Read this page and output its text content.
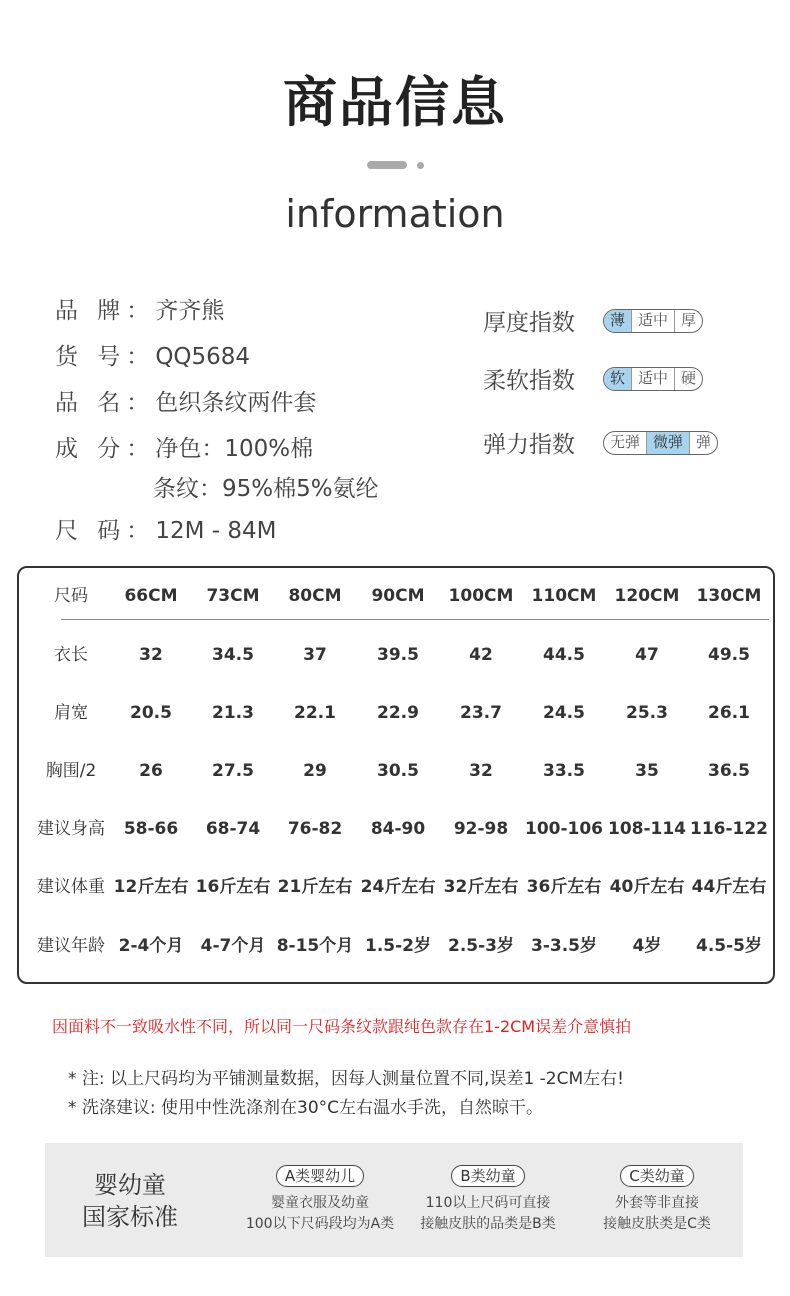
商品信息
information
品 牌：齐齐熊
货 号：QQ5684
品 名：色织条纹两件套
成 分：净色：100%棉
条纹：95%棉5%氨纶
尺 码：12M - 84M
厚度指数	薄 适中 厚
柔软指数	软 适中 硬
弹力指数	无弹 微弹 弹
尺码	66CM	73CM	80CM	90CM	100CM	110CM	120CM	130CM
衣长	32	34.5	37	39.5	42	44.5	47	49.5
肩宽	20.5	21.3	22.1	22.9	23.7	24.5	25.3	26.1
胸围/2	26	27.5	29	30.5	32	33.5	35	36.5
建议身高	58-66	68-74	76-82	84-90	92-98 100-106 108-114 116-122
建议体重 12斤左右 16斤左右 21斤左右 24斤左右 32斤左右 36斤左右 40斤左右 44斤左右
建议年龄 2-4个月	4-7个月 8-15个月 1.5-2岁	2.5-3岁	3-3.5岁	4岁	4.5-5岁
因面料不一致吸水性不同，所以同一尺码条纹款跟纯色款存在1-2CM误差介意慎拍
* 注: 以上尺码均为平铺测量数据，因每人测量位置不同,误差1 -2CM左右!
* 洗涤建议: 使用中性洗涤剂在30°C左右温水手洗，自然晾干。
婴幼童
国家标准
A类婴幼儿
婴童衣服及幼童
100以下尺码段均为A类
B类幼童
110以上尺码可直接
接触皮肤的品类是B类
C类幼童
外套等非直接
接触皮肤类是C类
